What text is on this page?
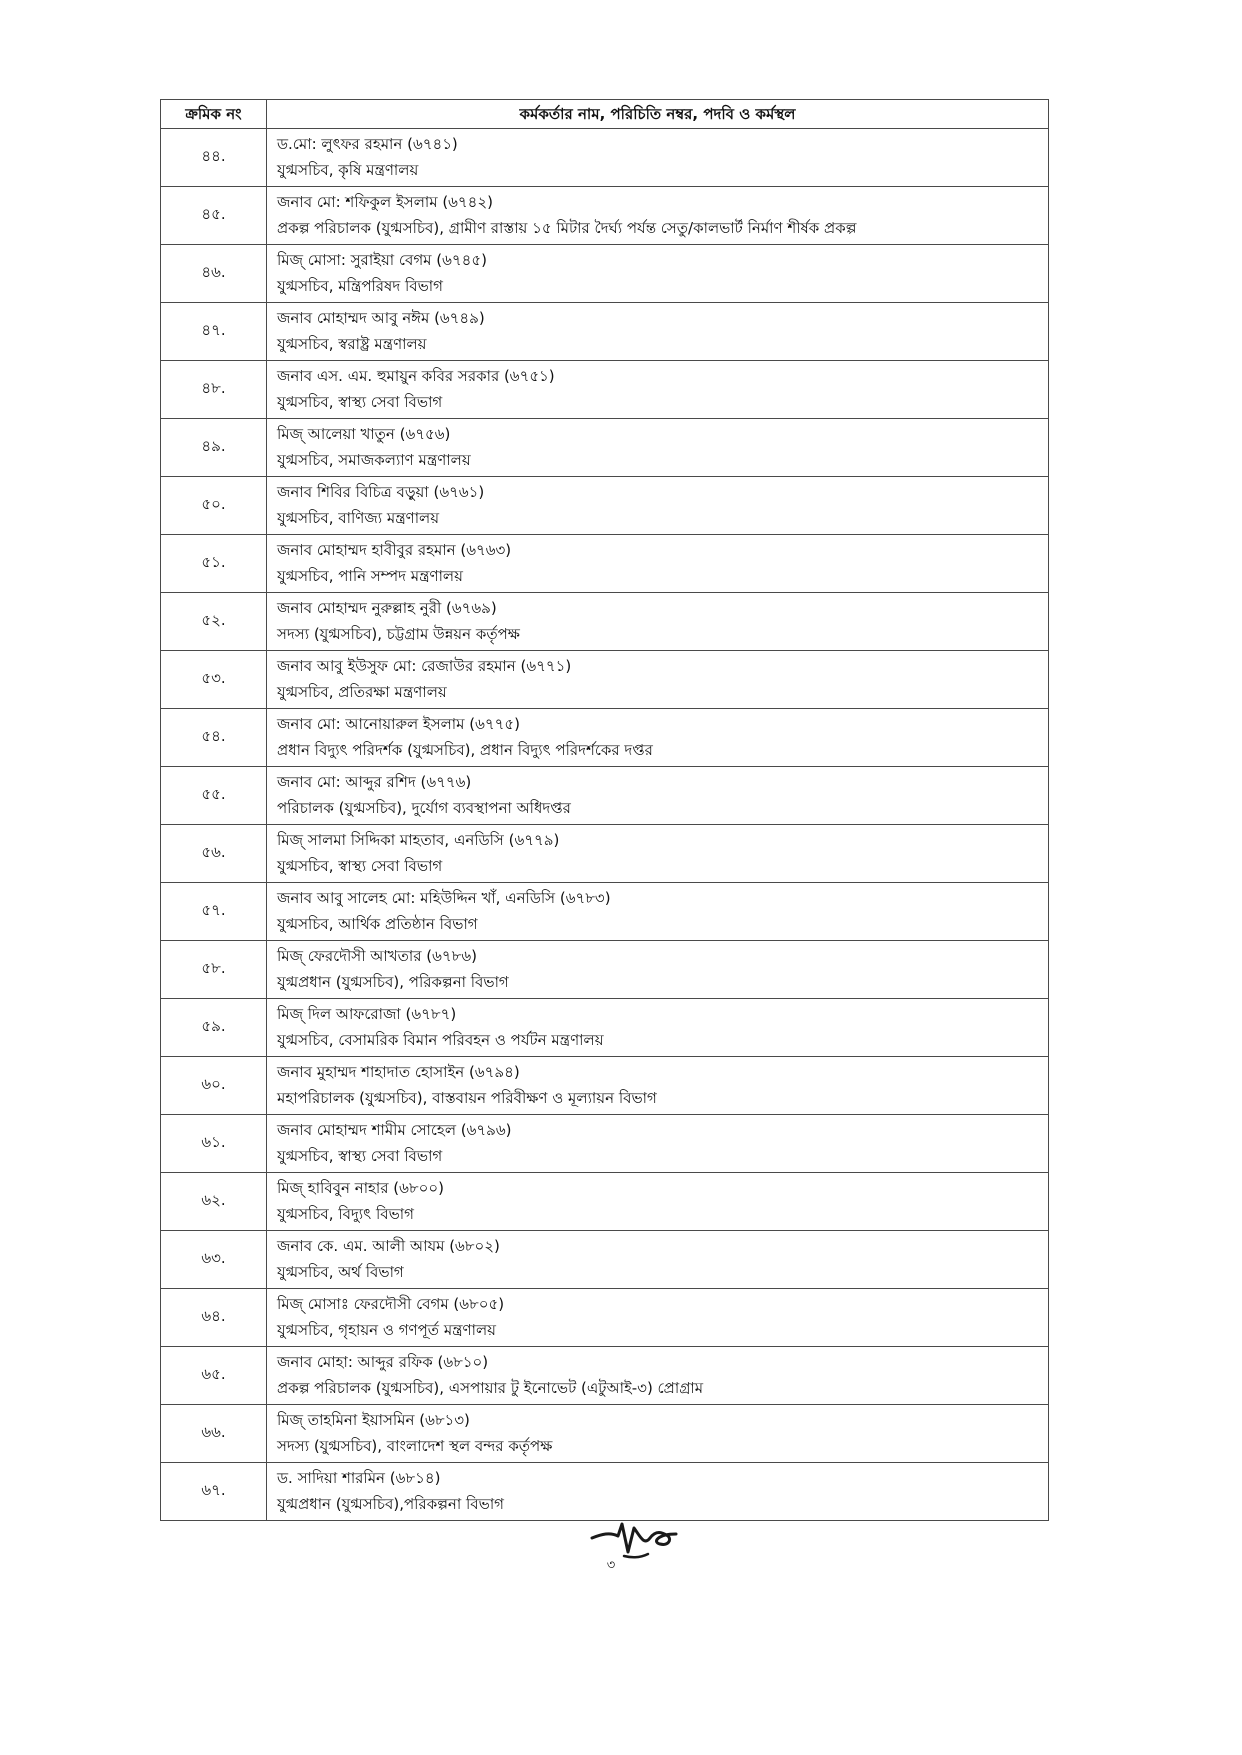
ক্রমিক নং	কর্মকর্তার নাম, পরিচিতি নম্বর, পদবি ও কর্মস্থল
৪৪.	ড.মো: লুৎফর রহমান (৬৭৪১)
যুগ্মসচিব, কৃষি মন্ত্রণালয়

৪৫.	জনাব মো: শফিকুল ইসলাম (৬৭৪২)
প্রকল্প পরিচালক (যুগ্মসচিব), গ্রামীণ রাস্তায় ১৫ মিটার দৈর্ঘ্য পর্যন্ত সেতু/কালভার্ট নির্মাণ শীর্ষক প্রকল্প

৪৬.	মিজ্ মোসা: সুরাইয়া বেগম (৬৭৪৫)
যুগ্মসচিব, মন্ত্রিপরিষদ বিভাগ

৪৭.	জনাব মোহাম্মদ আবু নঈম (৬৭৪৯)
যুগ্মসচিব, স্বরাষ্ট্র মন্ত্রণালয়

৪৮.	জনাব এস. এম. হুমায়ুন কবির সরকার (৬৭৫১)
যুগ্মসচিব, স্বাস্থ্য সেবা বিভাগ

৪৯.	মিজ্ আলেয়া খাতুন (৬৭৫৬)
যুগ্মসচিব, সমাজকল্যাণ মন্ত্রণালয়

৫০.	জনাব শিবির বিচিত্র বড়ুয়া (৬৭৬১)
যুগ্মসচিব, বাণিজ্য মন্ত্রণালয়

৫১.	জনাব মোহাম্মদ হাবীবুর রহমান (৬৭৬৩)
যুগ্মসচিব, পানি সম্পদ মন্ত্রণালয়

৫২.	জনাব মোহাম্মদ নুরুল্লাহ নুরী (৬৭৬৯)
সদস্য (যুগ্মসচিব), চট্টগ্রাম উন্নয়ন কর্তৃপক্ষ

৫৩.	জনাব আবু ইউসুফ মো: রেজাউর রহমান (৬৭৭১)
যুগ্মসচিব, প্রতিরক্ষা মন্ত্রণালয়

৫৪.	জনাব মো: আনোয়ারুল ইসলাম (৬৭৭৫)
প্রধান বিদ্যুৎ পরিদর্শক (যুগ্মসচিব), প্রধান বিদ্যুৎ পরিদর্শকের দপ্তর

৫৫.	জনাব মো: আব্দুর রশিদ (৬৭৭৬)
পরিচালক (যুগ্মসচিব), দুর্যোগ ব্যবস্থাপনা অধিদপ্তর

৫৬.	মিজ্ সালমা সিদ্দিকা মাহতাব, এনডিসি (৬৭৭৯)
যুগ্মসচিব, স্বাস্থ্য সেবা বিভাগ

৫৭.	জনাব আবু সালেহ মো: মহিউদ্দিন খাঁ, এনডিসি (৬৭৮৩)
যুগ্মসচিব, আর্থিক প্রতিষ্ঠান বিভাগ

৫৮.	মিজ্ ফেরদৌসী আখতার (৬৭৮৬)
যুগ্মপ্রধান (যুগ্মসচিব), পরিকল্পনা বিভাগ

৫৯.	মিজ্ দিল আফরোজা (৬৭৮৭)
যুগ্মসচিব, বেসামরিক বিমান পরিবহন ও পর্যটন মন্ত্রণালয়

৬০.	জনাব মুহাম্মদ শাহাদাত হোসাইন (৬৭৯৪)
মহাপরিচালক (যুগ্মসচিব), বাস্তবায়ন পরিবীক্ষণ ও মূল্যায়ন বিভাগ

৬১.	জনাব মোহাম্মদ শামীম সোহেল (৬৭৯৬)
যুগ্মসচিব, স্বাস্থ্য সেবা বিভাগ

৬২.	মিজ্ হাবিবুন নাহার (৬৮০০)
যুগ্মসচিব, বিদ্যুৎ বিভাগ

৬৩.	জনাব কে. এম. আলী আযম (৬৮০২)
যুগ্মসচিব, অর্থ বিভাগ

৬৪.	মিজ্ মোসাঃ ফেরদৌসী বেগম (৬৮০৫)
যুগ্মসচিব, গৃহায়ন ও গণপূর্ত মন্ত্রণালয়

৬৫.	জনাব মোহা: আব্দুর রফিক (৬৮১০)
প্রকল্প পরিচালক (যুগ্মসচিব), এসপায়ার টু ইনোভেট (এটুআই-৩) প্রোগ্রাম

৬৬.	মিজ্ তাহমিনা ইয়াসমিন (৬৮১৩)
সদস্য (যুগ্মসচিব), বাংলাদেশ স্থল বন্দর কর্তৃপক্ষ

৬৭.	ড. সাদিয়া শারমিন (৬৮১৪)
যুগ্মপ্রধান (যুগ্মসচিব),পরিকল্পনা বিভাগ
৩
